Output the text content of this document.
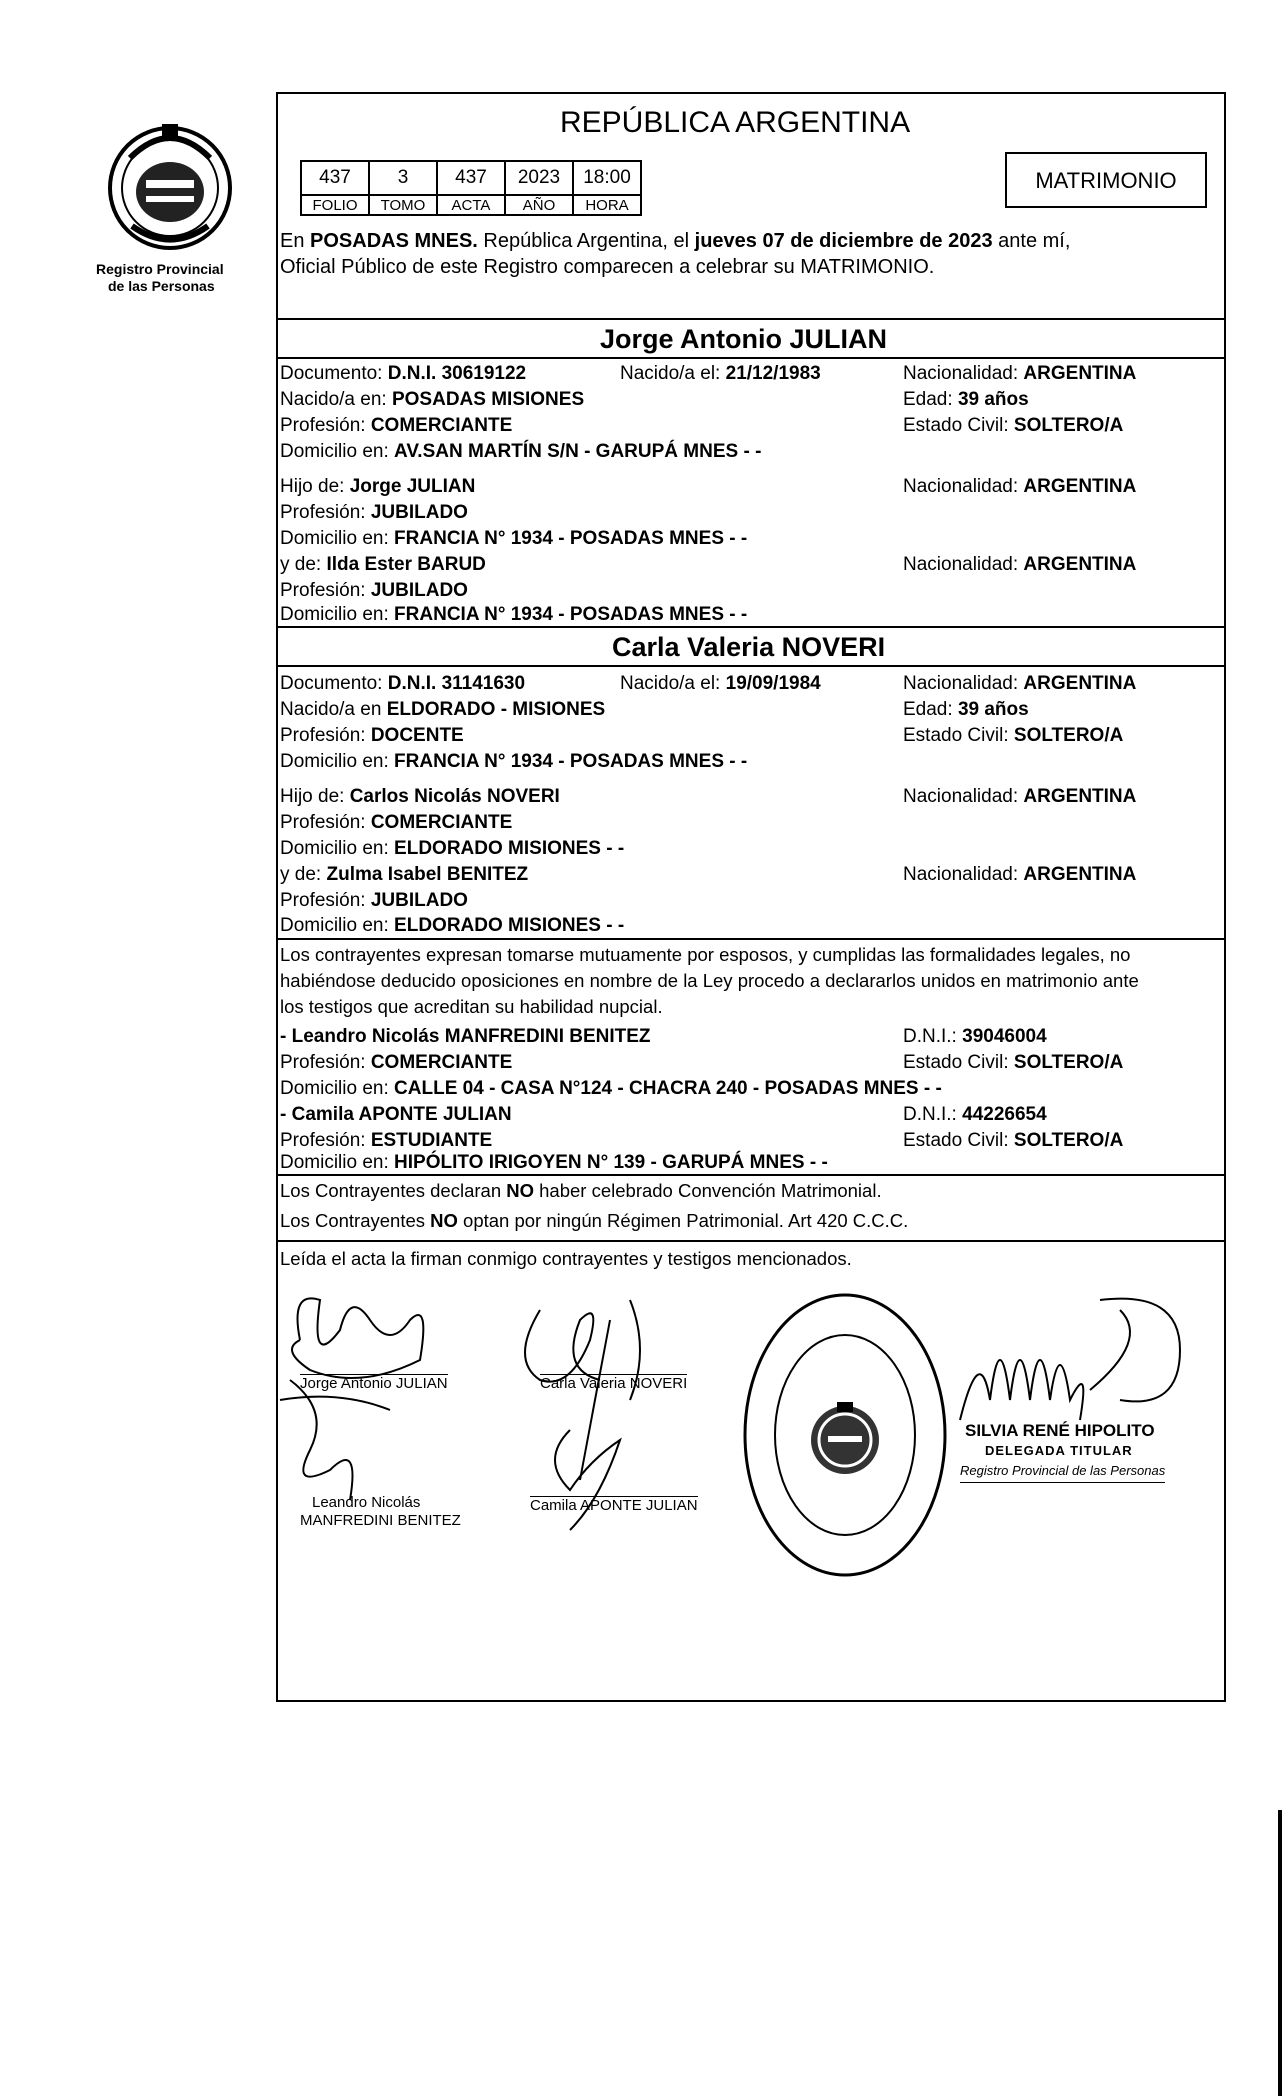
Registro Provincial
de las Personas
REPÚBLICA ARGENTINA
437	3	437	2023	18:00
FOLIO	TOMO	ACTA	AÑO	HORA
MATRIMONIO
En POSADAS MNES. República Argentina, el jueves 07 de diciembre de 2023 ante mí,
Oficial Público de este Registro comparecen a celebrar su MATRIMONIO.
Jorge Antonio JULIAN
Documento: D.N.I. 30619122	Nacido/a el: 21/12/1983	Nacionalidad: ARGENTINA
Nacido/a en: POSADAS MISIONES	Edad: 39 años
Profesión: COMERCIANTE	Estado Civil: SOLTERO/A
Domicilio en: AV.SAN MARTÍN S/N - GARUPÁ MNES - -
Hijo de: Jorge JULIAN	Nacionalidad: ARGENTINA
Profesión: JUBILADO
Domicilio en: FRANCIA N° 1934 - POSADAS MNES - -
y de: Ilda Ester BARUD	Nacionalidad: ARGENTINA
Profesión: JUBILADO
Domicilio en: FRANCIA N° 1934 - POSADAS MNES - -
Carla Valeria NOVERI
Documento: D.N.I. 31141630	Nacido/a el: 19/09/1984	Nacionalidad: ARGENTINA
Nacido/a en ELDORADO - MISIONES	Edad: 39 años
Profesión: DOCENTE	Estado Civil: SOLTERO/A
Domicilio en: FRANCIA N° 1934 - POSADAS MNES - -
Hijo de: Carlos Nicolás NOVERI	Nacionalidad: ARGENTINA
Profesión: COMERCIANTE
Domicilio en: ELDORADO MISIONES - -
y de: Zulma Isabel BENITEZ	Nacionalidad: ARGENTINA
Profesión: JUBILADO
Domicilio en: ELDORADO MISIONES - -
Los contrayentes expresan tomarse mutuamente por esposos, y cumplidas las formalidades legales, no
habiéndose deducido oposiciones en nombre de la Ley procedo a declararlos unidos en matrimonio ante
los testigos que acreditan su habilidad nupcial.
- Leandro Nicolás MANFREDINI BENITEZ	D.N.I.: 39046004
Profesión: COMERCIANTE	Estado Civil: SOLTERO/A
Domicilio en: CALLE 04 - CASA N°124 - CHACRA 240 - POSADAS MNES - -
- Camila APONTE JULIAN	D.N.I.: 44226654
Profesión: ESTUDIANTE	Estado Civil: SOLTERO/A
Domicilio en: HIPÓLITO IRIGOYEN N° 139 - GARUPÁ MNES - -
Los Contrayentes declaran NO haber celebrado Convención Matrimonial.
Los Contrayentes NO optan por ningún Régimen Patrimonial. Art 420 C.C.C.
Leída el acta la firman conmigo contrayentes y testigos mencionados.
Jorge Antonio JULIAN	Carla Valeria NOVERI
Leandro Nicolás
MANFREDINI BENITEZ
Camila APONTE JULIAN
SILVIA RENÉ HIPOLITO
DELEGADA TITULAR
Registro Provincial de las Personas
